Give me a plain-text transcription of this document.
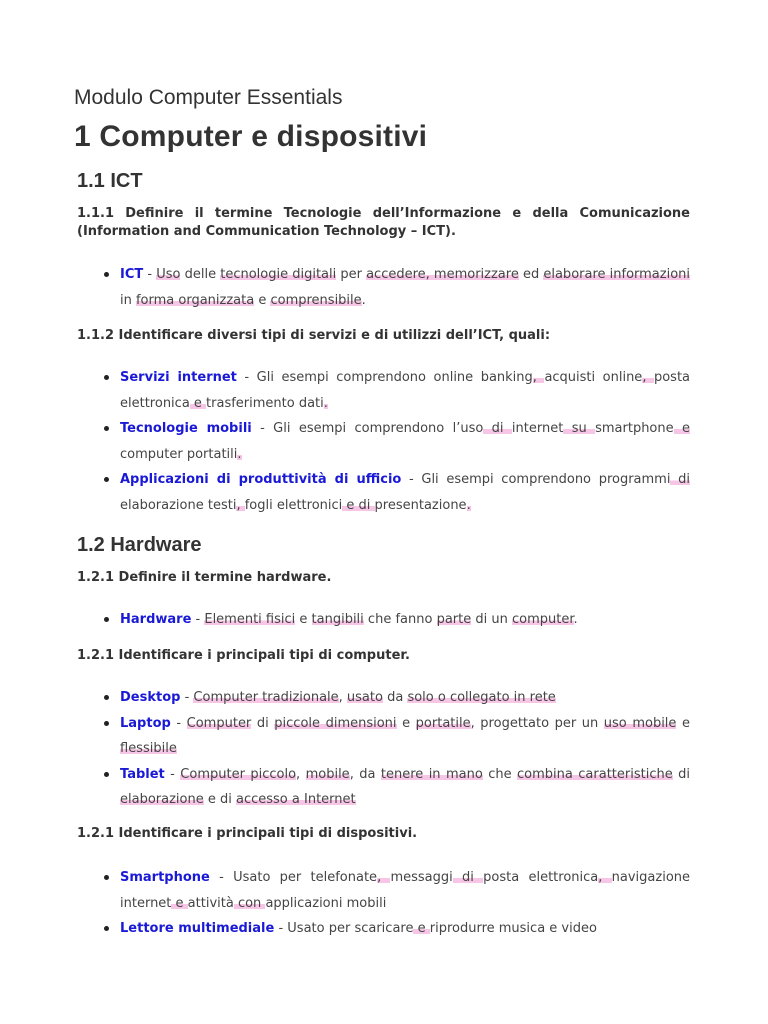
Modulo Computer Essentials
1 Computer e dispositivi
1.1 ICT

1.1.1 Definire il termine Tecnologie dell’Informazione e della Comunicazione (Information and Communication Technology – ICT).

ICT - Uso delle tecnologie digitali per accedere, memorizzare ed elaborare informazioni in forma organizzata e comprensibile.

1.1.2 Identificare diversi tipi di servizi e di utilizzi dell’ICT, quali:

Servizi internet - Gli esempi comprendono online banking, acquisti online, posta elettronica e trasferimento dati.
Tecnologie mobili - Gli esempi comprendono l’uso di internet su smartphone e computer portatili.
Applicazioni di produttività di ufficio - Gli esempi comprendono programmi di elaborazione testi, fogli elettronici e di presentazione.
1.2 Hardware

1.2.1 Definire il termine hardware.

Hardware - Elementi fisici e tangibili che fanno parte di un computer.

1.2.1 Identificare i principali tipi di computer.

Desktop - Computer tradizionale, usato da solo o collegato in rete
Laptop - Computer di piccole dimensioni e portatile, progettato per un uso mobile e flessibile
Tablet - Computer piccolo, mobile, da tenere in mano che combina caratteristiche di elaborazione e di accesso a Internet

1.2.1 Identificare i principali tipi di dispositivi.

Smartphone - Usato per telefonate, messaggi di posta elettronica, navigazione internet e attività con applicazioni mobili
Lettore multimediale - Usato per scaricare e riprodurre musica e video
